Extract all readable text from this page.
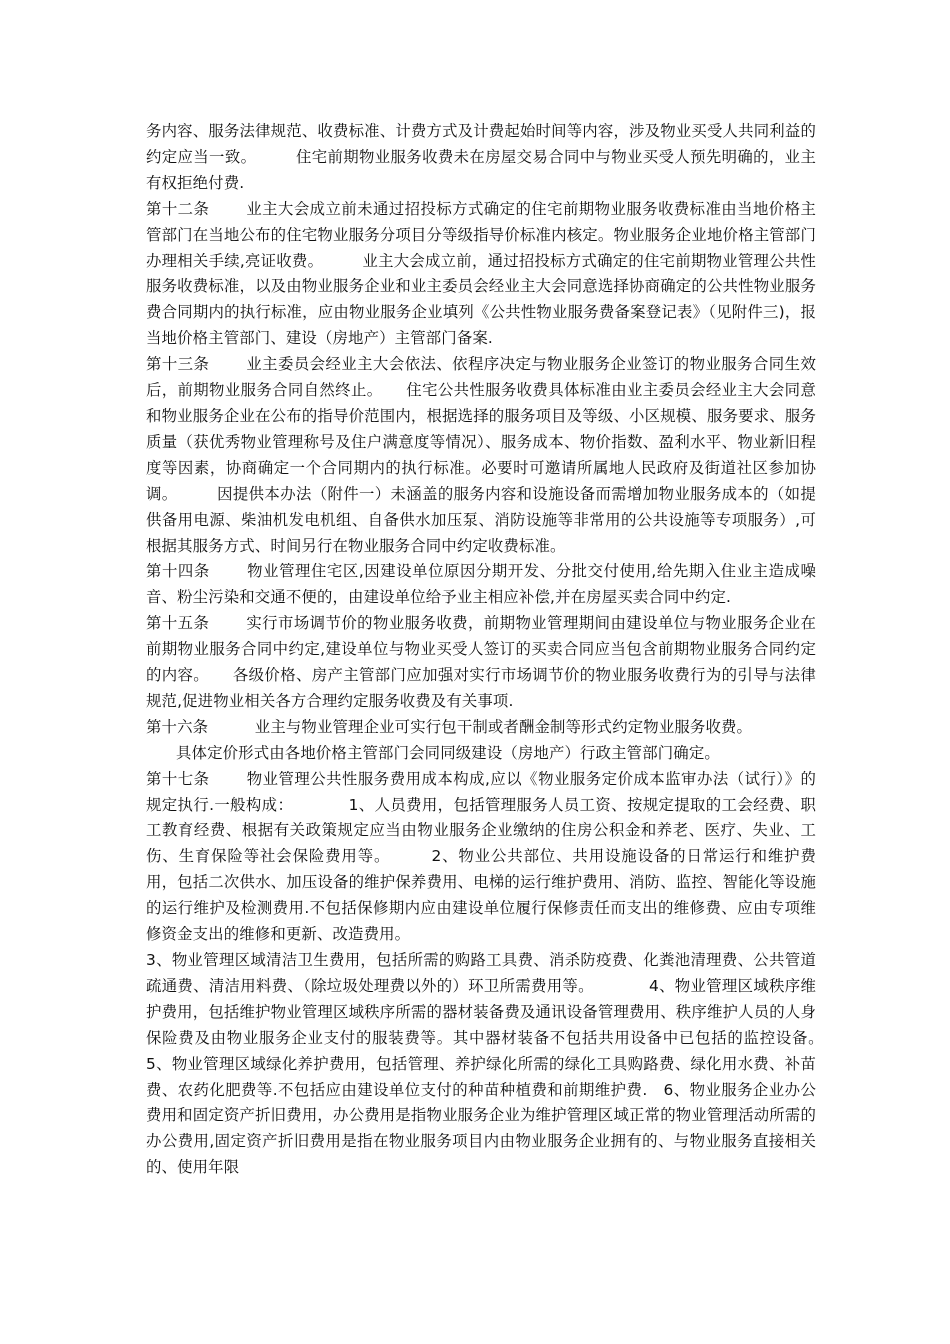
务内容、服务法律规范、收费标准、计费方式及计费起始时间等内容，涉及物业买受人共同利益的约定应当一致。　　　住宅前期物业服务收费未在房屋交易合同中与物业买受人预先明确的，业主有权拒绝付费.

第十二条　　 业主大会成立前未通过招投标方式确定的住宅前期物业服务收费标准由当地价格主管部门在当地公布的住宅物业服务分项目分等级指导价标准内核定。物业服务企业地价格主管部门办理相关手续,亮证收费。　　　业主大会成立前，通过招投标方式确定的住宅前期物业管理公共性服务收费标准，以及由物业服务企业和业主委员会经业主大会同意选择协商确定的公共性物业服务费合同期内的执行标准，应由物业服务企业填列《公共性物业服务费备案登记表》（见附件三)，报当地价格主管部门、建设（房地产）主管部门备案.

第十三条　　 业主委员会经业主大会依法、依程序决定与物业服务企业签订的物业服务合同生效后，前期物业服务合同自然终止。　　住宅公共性服务收费具体标准由业主委员会经业主大会同意和物业服务企业在公布的指导价范围内，根据选择的服务项目及等级、小区规模、服务要求、服务质量（获优秀物业管理称号及住户满意度等情况）、服务成本、物价指数、盈利水平、物业新旧程度等因素，协商确定一个合同期内的执行标准。必要时可邀请所属地人民政府及街道社区参加协调。　　　因提供本办法（附件一）未涵盖的服务内容和设施设备而需增加物业服务成本的（如提供备用电源、柴油机发电机组、自备供水加压泵、消防设施等非常用的公共设施等专项服务）,可根据其服务方式、时间另行在物业服务合同中约定收费标准。

第十四条　　 物业管理住宅区,因建设单位原因分期开发、分批交付使用,给先期入住业主造成噪音、粉尘污染和交通不便的，由建设单位给予业主相应补偿,并在房屋买卖合同中约定.

第十五条　　 实行市场调节价的物业服务收费，前期物业管理期间由建设单位与物业服务企业在前期物业服务合同中约定,建设单位与物业买受人签订的买卖合同应当包含前期物业服务合同约定的内容。　　各级价格、房产主管部门应加强对实行市场调节价的物业服务收费行为的引导与法律规范,促进物业相关各方合理约定服务收费及有关事项.

第十六条　　　业主与物业管理企业可实行包干制或者酬金制等形式约定物业服务收费。

具体定价形式由各地价格主管部门会同同级建设（房地产）行政主管部门确定。

第十七条　　 物业管理公共性服务费用成本构成,应以《物业服务定价成本监审办法（试行）》的规定执行.一般构成：　　　　1、人员费用，包括管理服务人员工资、按规定提取的工会经费、职工教育经费、根据有关政策规定应当由物业服务企业缴纳的住房公积金和养老、医疗、失业、工伤、生育保险等社会保险费用等。　　　2、物业公共部位、共用设施设备的日常运行和维护费用，包括二次供水、加压设备的维护保养费用、电梯的运行维护费用、消防、监控、智能化等设施的运行维护及检测费用.不包括保修期内应由建设单位履行保修责任而支出的维修费、应由专项维修资金支出的维修和更新、改造费用。

3、物业管理区域清洁卫生费用，包括所需的购路工具费、消杀防疫费、化粪池清理费、公共管道疏通费、清洁用料费、（除垃圾处理费以外的）环卫所需费用等。　　　　4、物业管理区域秩序维护费用，包括维护物业管理区域秩序所需的器材装备费及通讯设备管理费用、秩序维护人员的人身保险费及由物业服务企业支付的服装费等。其中器材装备不包括共用设备中已包括的监控设备。　　　　5、物业管理区域绿化养护费用，包括管理、养护绿化所需的绿化工具购路费、绿化用水费、补苗费、农药化肥费等.不包括应由建设单位支付的种苗种植费和前期维护费.　6、物业服务企业办公费用和固定资产折旧费用，办公费用是指物业服务企业为维护管理区域正常的物业管理活动所需的办公费用,固定资产折旧费用是指在物业服务项目内由物业服务企业拥有的、与物业服务直接相关的、使用年限
